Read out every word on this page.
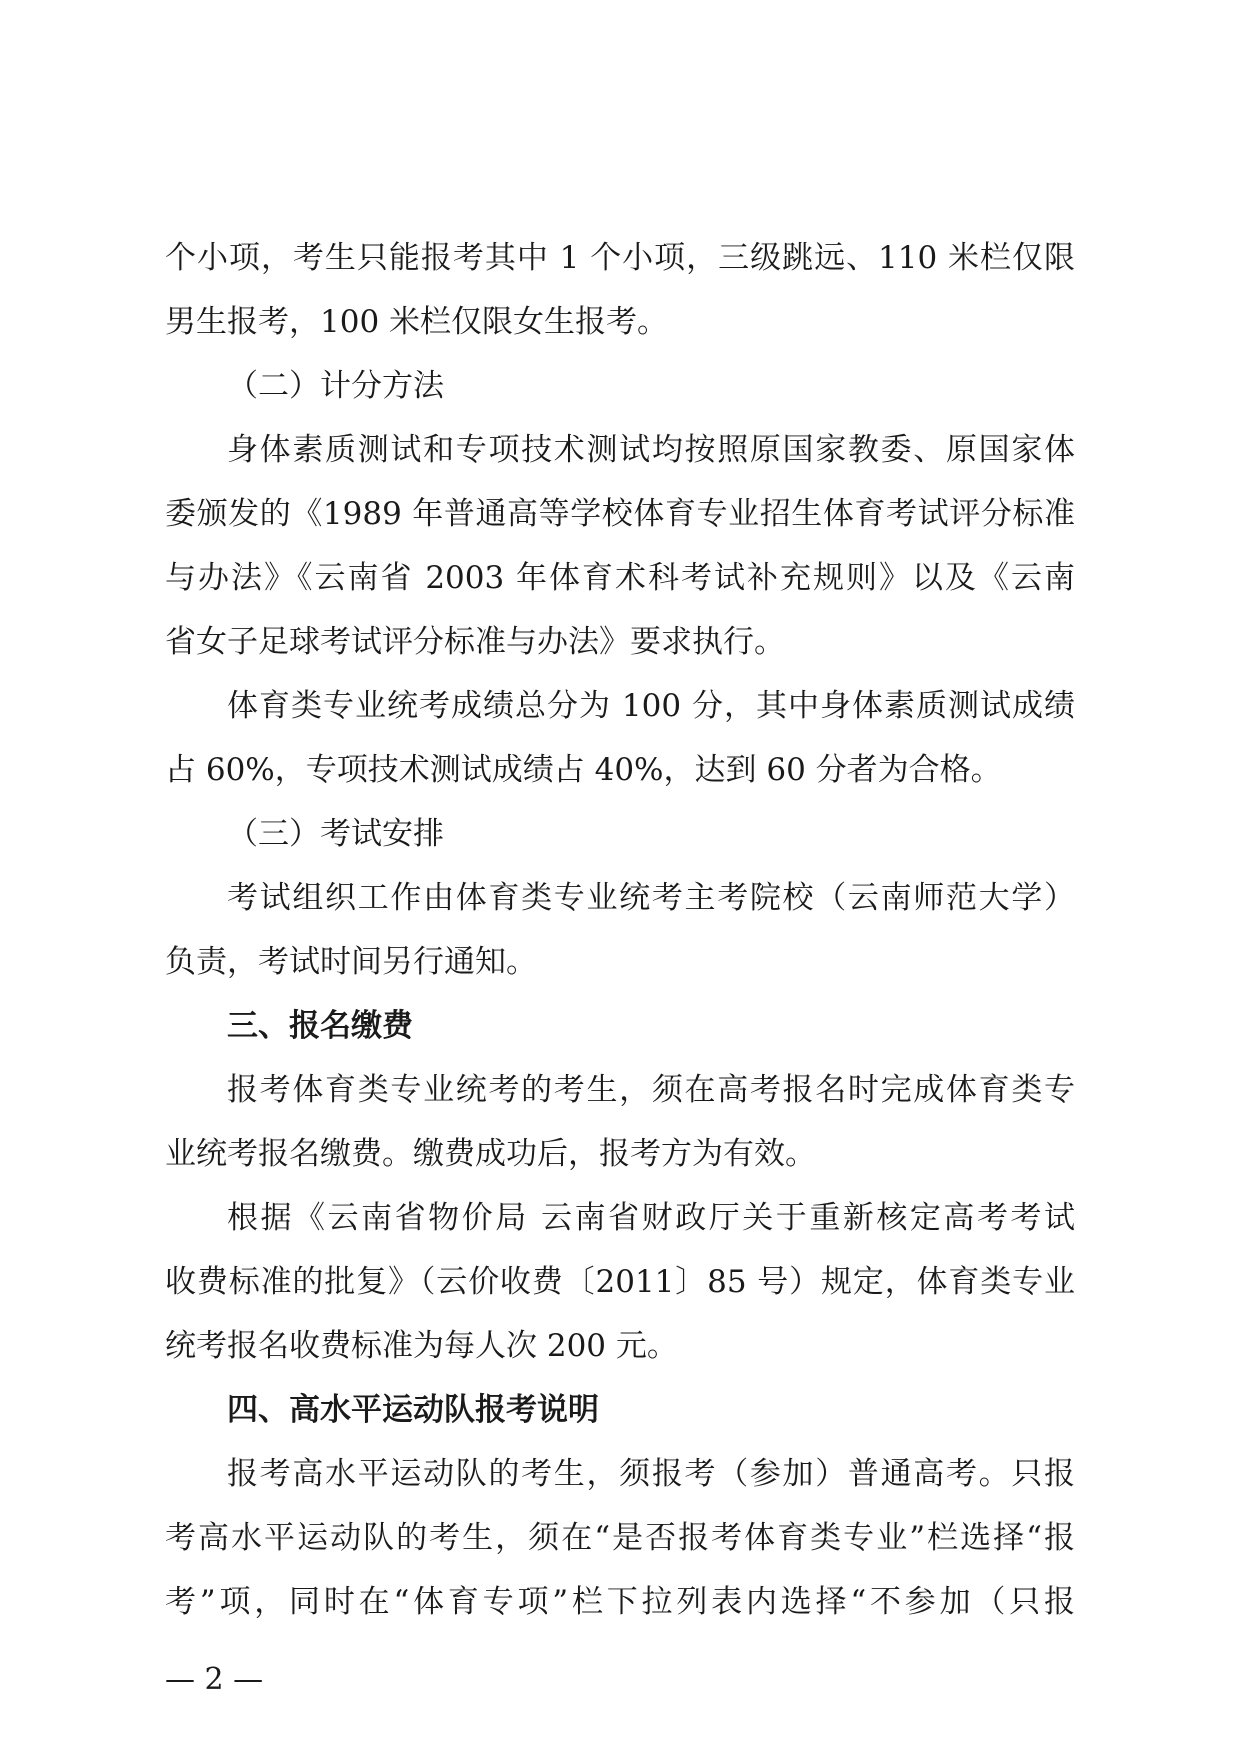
个小项，考生只能报考其中 1 个小项，三级跳远、110 米栏仅限
男生报考，100 米栏仅限女生报考。
（二）计分方法
身体素质测试和专项技术测试均按照原国家教委、原国家体
委颁发的《1989 年普通高等学校体育专业招生体育考试评分标准
与办法》《云南省 2003 年体育术科考试补充规则》以及《云南
省女子足球考试评分标准与办法》要求执行。
体育类专业统考成绩总分为 100 分，其中身体素质测试成绩
占 60%，专项技术测试成绩占 40%，达到 60 分者为合格。
（三）考试安排
考试组织工作由体育类专业统考主考院校（云南师范大学）
负责，考试时间另行通知。
三、报名缴费
报考体育类专业统考的考生，须在高考报名时完成体育类专
业统考报名缴费。缴费成功后，报考方为有效。
根据《云南省物价局 云南省财政厅关于重新核定高考考试
收费标准的批复》（云价收费〔2011〕85 号）规定，体育类专业
统考报名收费标准为每人次 200 元。
四、高水平运动队报考说明
报考高水平运动队的考生，须报考（参加）普通高考。只报
考高水平运动队的考生，须在“是否报考体育类专业”栏选择“报
考”项，同时在“体育专项”栏下拉列表内选择“不参加（只报
— 2 —
